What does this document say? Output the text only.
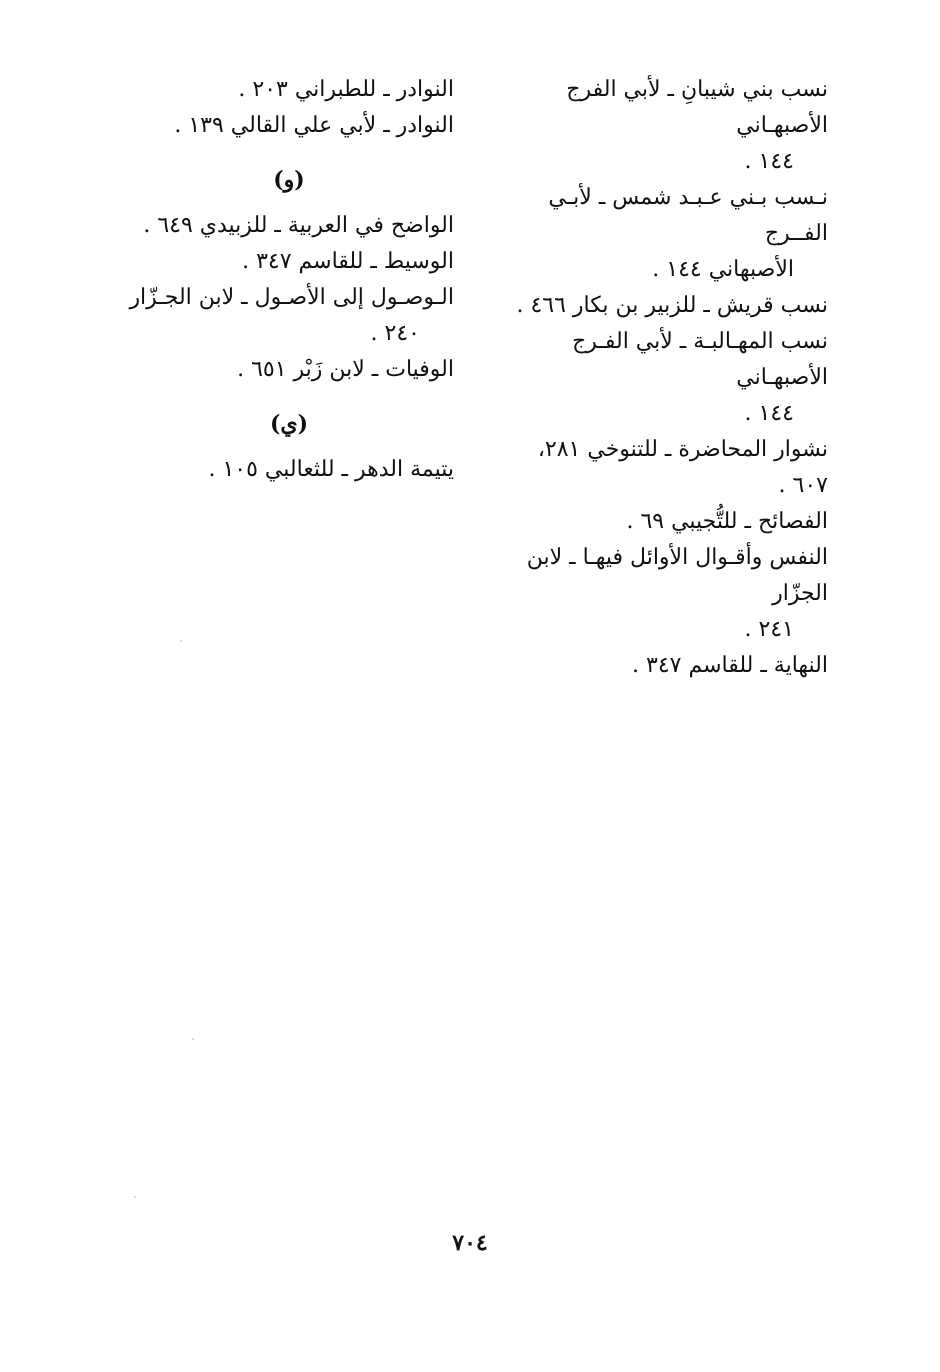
نسب بني شيبانِ ـ لأبي الفرج الأصبهـاني
١٤٤ .
نـسب بـني عـبـد شمس ـ لأبـي الفــرج
الأصبهاني ١٤٤ .
نسب قريش ـ للزبير بن بكار ٤٦٦ .
نسب المهـالبـة ـ لأبي الفـرج الأصبهـاني
١٤٤ .
نشوار المحاضرة ـ للتنوخي ٢٨١، ٦٠٧ .
الفصائح ـ للتُّجيبي ٦٩ .
النفس وأقـوال الأوائل فيهـا ـ لابن الجزّار
٢٤١ .
النهاية ـ للقاسم ٣٤٧ .
النوادر ـ للطبراني ٢٠٣ .
النوادر ـ لأبي علي القالي ١٣٩ .
(و)
الواضح في العربية ـ للزبيدي ٦٤٩ .
الوسيط ـ للقاسم ٣٤٧ .
الـوصـول إلى الأصـول ـ لابن الجـزّار
٢٤٠ .
الوفيات ـ لابن زَبْر ٦٥١ .
(ي)
يتيمة الدهر ـ للثعالبي ١٠٥ .
٧٠٤
